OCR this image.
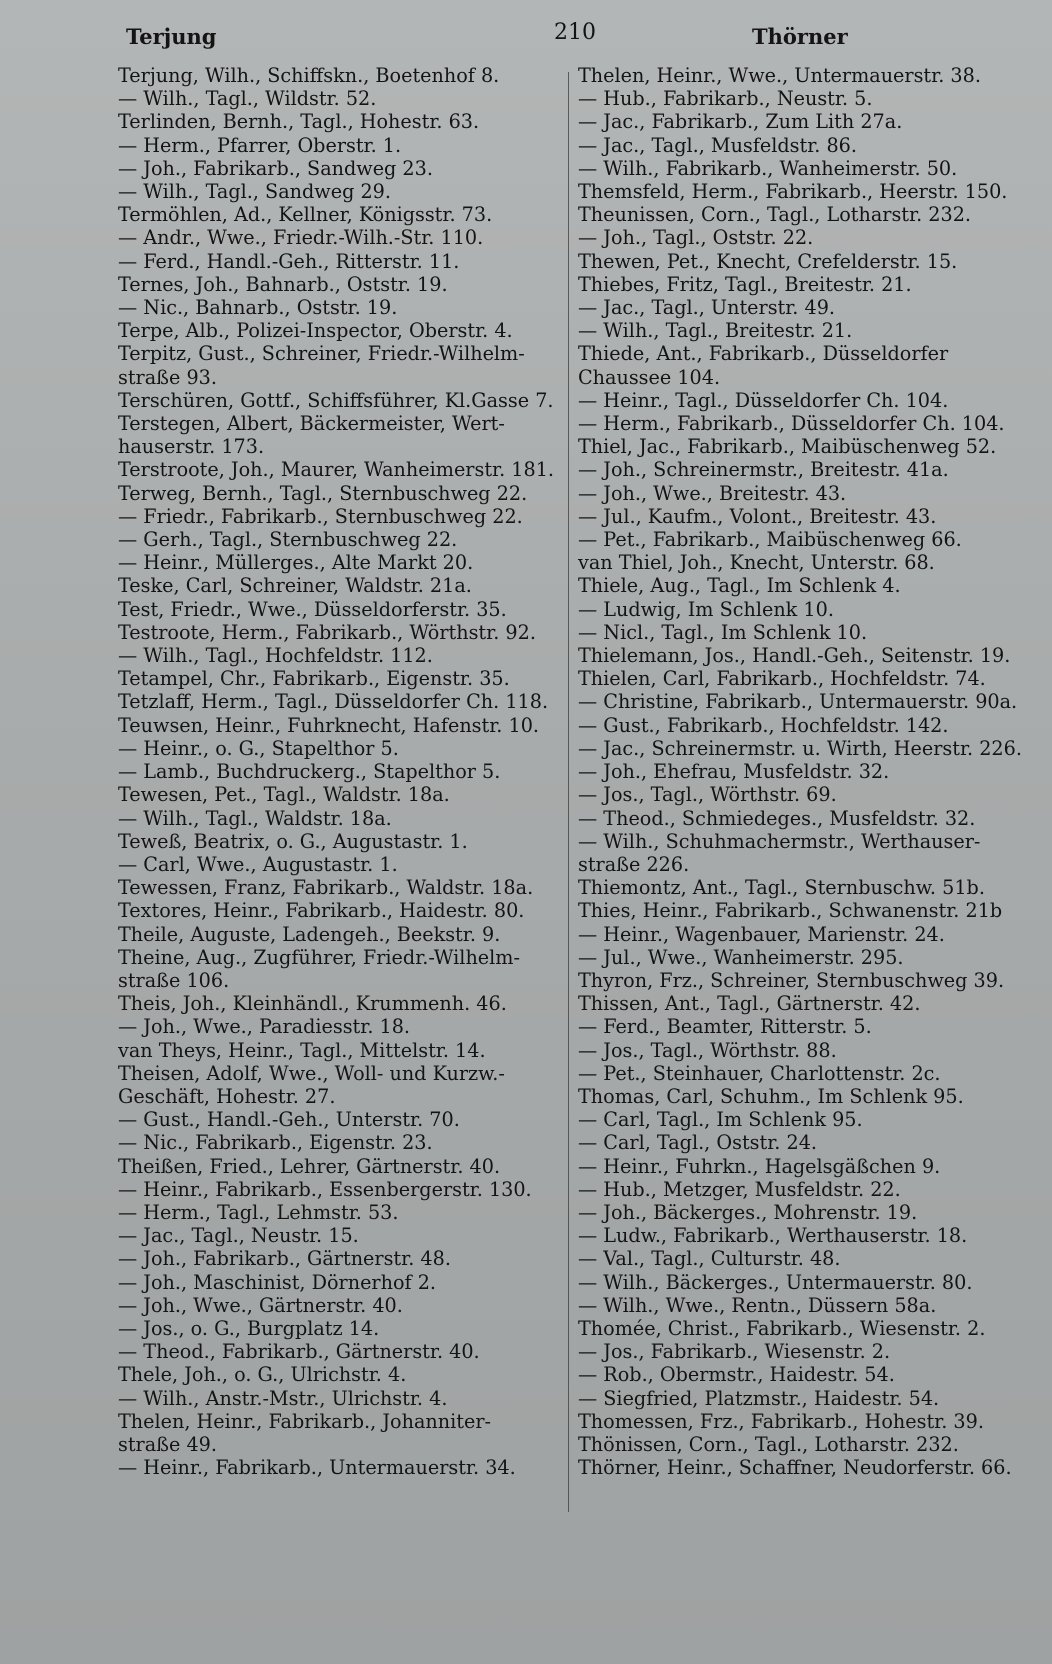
Terjung	210	Thörner
Terjung, Wilh., Schiffskn., Boetenhof 8.
— Wilh., Tagl., Wildstr. 52.
Terlinden, Bernh., Tagl., Hohestr. 63.
— Herm., Pfarrer, Oberstr. 1.
— Joh., Fabrikarb., Sandweg 23.
— Wilh., Tagl., Sandweg 29.
Termöhlen, Ad., Kellner, Königsstr. 73.
— Andr., Wwe., Friedr.-Wilh.-Str. 110.
— Ferd., Handl.-Geh., Ritterstr. 11.
Ternes, Joh., Bahnarb., Oststr. 19.
— Nic., Bahnarb., Oststr. 19.
Terpe, Alb., Polizei-Inspector, Oberstr. 4.
Terpitz, Gust., Schreiner, Friedr.-Wilhelm-
straße 93.
Terschüren, Gottf., Schiffsführer, Kl.Gasse 7.
Terstegen, Albert, Bäckermeister, Wert-
hauserstr. 173.
Terstroote, Joh., Maurer, Wanheimerstr. 181.
Terweg, Bernh., Tagl., Sternbuschweg 22.
— Friedr., Fabrikarb., Sternbuschweg 22.
— Gerh., Tagl., Sternbuschweg 22.
— Heinr., Müllerges., Alte Markt 20.
Teske, Carl, Schreiner, Waldstr. 21a.
Test, Friedr., Wwe., Düsseldorferstr. 35.
Testroote, Herm., Fabrikarb., Wörthstr. 92.
— Wilh., Tagl., Hochfeldstr. 112.
Tetampel, Chr., Fabrikarb., Eigenstr. 35.
Tetzlaff, Herm., Tagl., Düsseldorfer Ch. 118.
Teuwsen, Heinr., Fuhrknecht, Hafenstr. 10.
— Heinr., o. G., Stapelthor 5.
— Lamb., Buchdruckerg., Stapelthor 5.
Tewesen, Pet., Tagl., Waldstr. 18a.
— Wilh., Tagl., Waldstr. 18a.
Teweß, Beatrix, o. G., Augustastr. 1.
— Carl, Wwe., Augustastr. 1.
Tewessen, Franz, Fabrikarb., Waldstr. 18a.
Textores, Heinr., Fabrikarb., Haidestr. 80.
Theile, Auguste, Ladengeh., Beekstr. 9.
Theine, Aug., Zugführer, Friedr.-Wilhelm-
straße 106.
Theis, Joh., Kleinhändl., Krummenh. 46.
— Joh., Wwe., Paradiesstr. 18.
van Theys, Heinr., Tagl., Mittelstr. 14.
Theisen, Adolf, Wwe., Woll- und Kurzw.-
Geschäft, Hohestr. 27.
— Gust., Handl.-Geh., Unterstr. 70.
— Nic., Fabrikarb., Eigenstr. 23.
Theißen, Fried., Lehrer, Gärtnerstr. 40.
— Heinr., Fabrikarb., Essenbergerstr. 130.
— Herm., Tagl., Lehmstr. 53.
— Jac., Tagl., Neustr. 15.
— Joh., Fabrikarb., Gärtnerstr. 48.
— Joh., Maschinist, Dörnerhof 2.
— Joh., Wwe., Gärtnerstr. 40.
— Jos., o. G., Burgplatz 14.
— Theod., Fabrikarb., Gärtnerstr. 40.
Thele, Joh., o. G., Ulrichstr. 4.
— Wilh., Anstr.-Mstr., Ulrichstr. 4.
Thelen, Heinr., Fabrikarb., Johanniter-
straße 49.
— Heinr., Fabrikarb., Untermauerstr. 34.
Thelen, Heinr., Wwe., Untermauerstr. 38.
— Hub., Fabrikarb., Neustr. 5.
— Jac., Fabrikarb., Zum Lith 27a.
— Jac., Tagl., Musfeldstr. 86.
— Wilh., Fabrikarb., Wanheimerstr. 50.
Themsfeld, Herm., Fabrikarb., Heerstr. 150.
Theunissen, Corn., Tagl., Lotharstr. 232.
— Joh., Tagl., Oststr. 22.
Thewen, Pet., Knecht, Crefelderstr. 15.
Thiebes, Fritz, Tagl., Breitestr. 21.
— Jac., Tagl., Unterstr. 49.
— Wilh., Tagl., Breitestr. 21.
Thiede, Ant., Fabrikarb., Düsseldorfer
Chaussee 104.
— Heinr., Tagl., Düsseldorfer Ch. 104.
— Herm., Fabrikarb., Düsseldorfer Ch. 104.
Thiel, Jac., Fabrikarb., Maibüschenweg 52.
— Joh., Schreinermstr., Breitestr. 41a.
— Joh., Wwe., Breitestr. 43.
— Jul., Kaufm., Volont., Breitestr. 43.
— Pet., Fabrikarb., Maibüschenweg 66.
van Thiel, Joh., Knecht, Unterstr. 68.
Thiele, Aug., Tagl., Im Schlenk 4.
— Ludwig, Im Schlenk 10.
— Nicl., Tagl., Im Schlenk 10.
Thielemann, Jos., Handl.-Geh., Seitenstr. 19.
Thielen, Carl, Fabrikarb., Hochfeldstr. 74.
— Christine, Fabrikarb., Untermauerstr. 90a.
— Gust., Fabrikarb., Hochfeldstr. 142.
— Jac., Schreinermstr. u. Wirth, Heerstr. 226.
— Joh., Ehefrau, Musfeldstr. 32.
— Jos., Tagl., Wörthstr. 69.
— Theod., Schmiedeges., Musfeldstr. 32.
— Wilh., Schuhmachermstr., Werthauser-
straße 226.
Thiemontz, Ant., Tagl., Sternbuschw. 51b.
Thies, Heinr., Fabrikarb., Schwanenstr. 21b
— Heinr., Wagenbauer, Marienstr. 24.
— Jul., Wwe., Wanheimerstr. 295.
Thyron, Frz., Schreiner, Sternbuschweg 39.
Thissen, Ant., Tagl., Gärtnerstr. 42.
— Ferd., Beamter, Ritterstr. 5.
— Jos., Tagl., Wörthstr. 88.
— Pet., Steinhauer, Charlottenstr. 2c.
Thomas, Carl, Schuhm., Im Schlenk 95.
— Carl, Tagl., Im Schlenk 95.
— Carl, Tagl., Oststr. 24.
— Heinr., Fuhrkn., Hagelsgäßchen 9.
— Hub., Metzger, Musfeldstr. 22.
— Joh., Bäckerges., Mohrenstr. 19.
— Ludw., Fabrikarb., Werthauserstr. 18.
— Val., Tagl., Culturstr. 48.
— Wilh., Bäckerges., Untermauerstr. 80.
— Wilh., Wwe., Rentn., Düssern 58a.
Thomée, Christ., Fabrikarb., Wiesenstr. 2.
— Jos., Fabrikarb., Wiesenstr. 2.
— Rob., Obermstr., Haidestr. 54.
— Siegfried, Platzmstr., Haidestr. 54.
Thomessen, Frz., Fabrikarb., Hohestr. 39.
Thönissen, Corn., Tagl., Lotharstr. 232.
Thörner, Heinr., Schaffner, Neudorferstr. 66.
